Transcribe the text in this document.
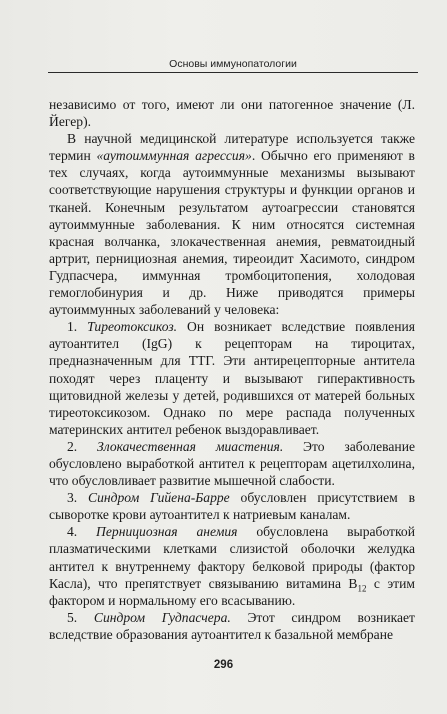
Основы иммунопатологии

независимо от того, имеют ли они патогенное значение (Л. Йегер).

В научной медицинской литературе используется также термин «аутоиммунная агрессия». Обычно его применяют в тех случаях, когда аутоиммунные механизмы вызывают соответствующие нарушения структуры и функции органов и тканей. Конечным результатом аутоагрессии становятся аутоиммунные заболевания. К ним относятся системная красная волчанка, злокачественная анемия, ревматоидный артрит, пернициозная анемия, тиреоидит Хасимото, синдром Гудпасчера, иммунная тромбоцитопения, холодовая гемоглобинурия и др. Ниже приводятся примеры аутоиммунных заболеваний у человека:

1. Тиреотоксикоз. Он возникает вследствие появления аутоантител (IgG) к рецепторам на тироцитах, предназначенным для ТТГ. Эти антирецепторные антитела походят через плаценту и вызывают гиперактивность щитовидной железы у детей, родившихся от матерей больных тиреотоксикозом. Однако по мере распада полученных материнских антител ребенок выздоравливает.

2. Злокачественная миастения. Это заболевание обусловлено выработкой антител к рецепторам ацетилхолина, что обусловливает развитие мышечной слабости.

3. Синдром Гийена-Барре обусловлен присутствием в сыворотке крови аутоантител к натриевым каналам.

4. Пернициозная анемия обусловлена выработкой плазматическими клетками слизистой оболочки желудка антител к внутреннему фактору белковой природы (фактор Касла), что препятствует связыванию витамина $В_{12}$ с этим фактором и нормальному его всасыванию.

5. Синдром Гудпасчера. Этот синдром возникает вследствие образования аутоантител к базальной мембране

296
